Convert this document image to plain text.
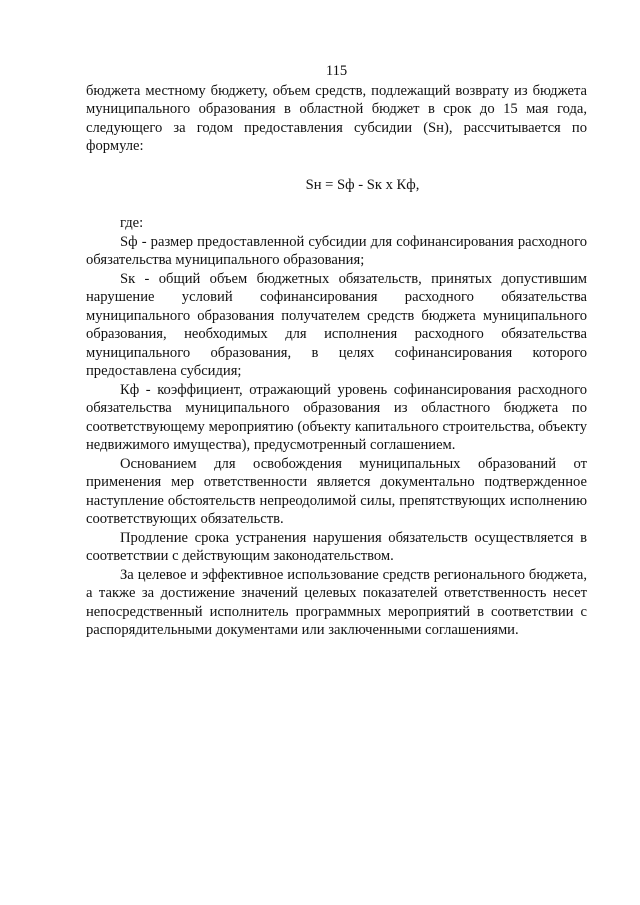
115

бюджета местному бюджету, объем средств, подлежащий возврату из бюджета муниципального образования в областной бюджет в срок до 15 мая года, следующего за годом предоставления субсидии (Sн), рассчитывается по формуле:

Sн = Sф - Sк х Кф,

где:

Sф - размер предоставленной субсидии для софинансирования расходного обязательства муниципального образования;

Sк - общий объем бюджетных обязательств, принятых допустившим нарушение условий софинансирования расходного обязательства муниципального образования получателем средств бюджета муниципального образования, необходимых для исполнения расходного обязательства муниципального образования, в целях софинансирования которого предоставлена субсидия;

Кф - коэффициент, отражающий уровень софинансирования расходного обязательства муниципального образования из областного бюджета по соответствующему мероприятию (объекту капитального строительства, объекту недвижимого имущества), предусмотренный соглашением.

Основанием для освобождения муниципальных образований от применения мер ответственности является документально подтвержденное наступление обстоятельств непреодолимой силы, препятствующих исполнению соответствующих обязательств.

Продление срока устранения нарушения обязательств осуществляется в соответствии с действующим законодательством.

За целевое и эффективное использование средств регионального бюджета, а также за достижение значений целевых показателей ответственность несет непосредственный исполнитель программных мероприятий в соответствии с распорядительными документами или заключенными соглашениями.
